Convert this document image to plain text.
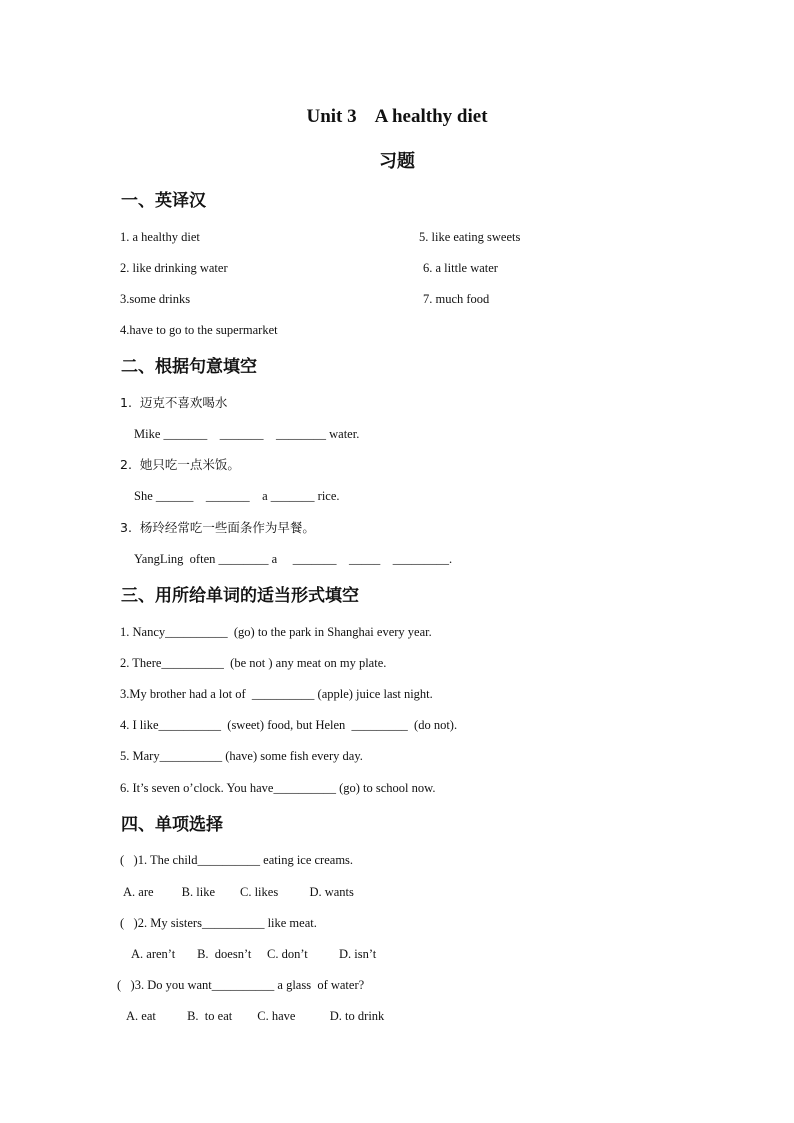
Unit 3    A healthy diet
习题
一、英译汉
1. a healthy diet	5. like eating sweets
2. like drinking water	6. a little water
3.some drinks	7. much food
4.have to go to the supermarket
二、根据句意填空
1.  迈克不喜欢喝水
Mike _______    _______    ________ water.
2.  她只吃一点米饭。
She ______    _______    a _______ rice.
3.  杨玲经常吃一些面条作为早餐。
YangLing  often ________ a     _______    _____    _________.
三、用所给单词的适当形式填空
1. Nancy__________  (go) to the park in Shanghai every year.
2. There__________  (be not ) any meat on my plate.
3.My brother had a lot of  __________ (apple) juice last night.
4. I like__________  (sweet) food, but Helen  _________  (do not).
5. Mary__________ (have) some fish every day.
6. It’s seven o’clock. You have__________ (go) to school now.
四、单项选择
(   )1. The child__________ eating ice creams.
A. are         B. like        C. likes          D. wants
(   )2. My sisters__________ like meat.
A. aren’t       B.  doesn’t     C. don’t          D. isn’t
(   )3. Do you want__________ a glass  of water?
A. eat          B.  to eat        C. have           D. to drink
